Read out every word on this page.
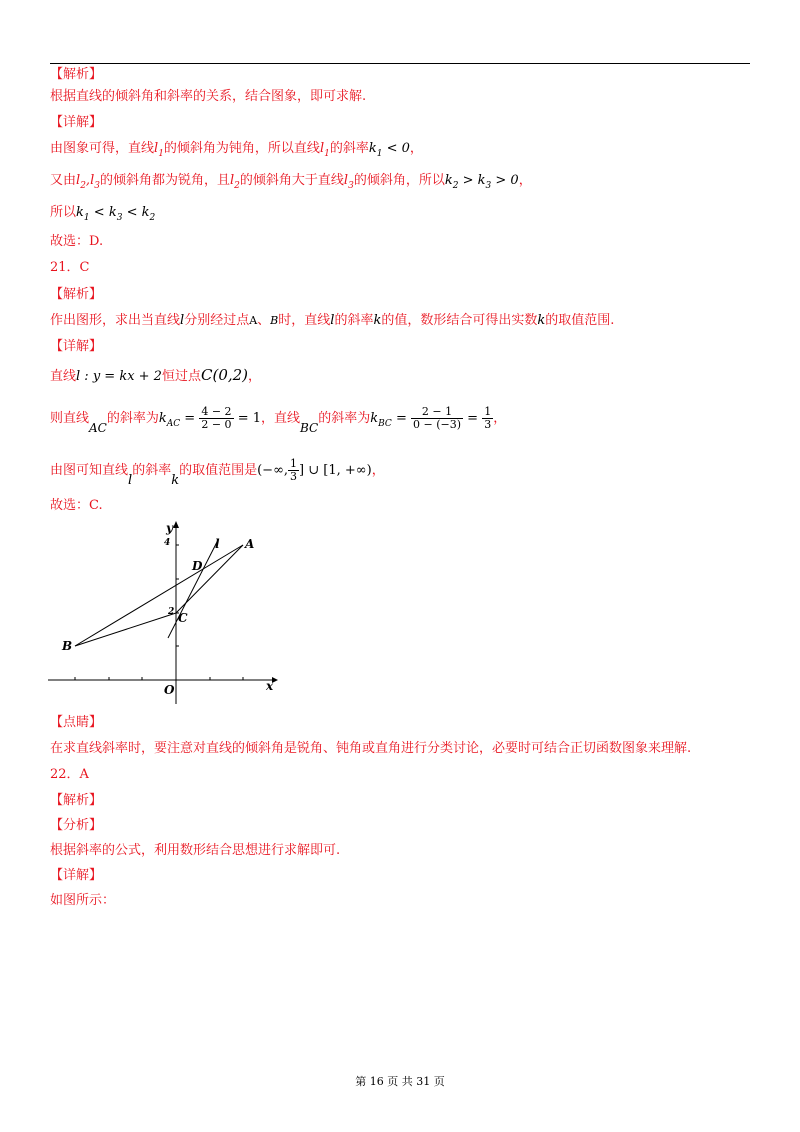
【解析】
根据直线的倾斜角和斜率的关系，结合图象，即可求解.
【详解】
由图象可得，直线$l_1$的倾斜角为钝角，所以直线$l_1$的斜率$k_1 < 0$，
又由$l_2,l_3$的倾斜角都为锐角，且$l_2$的倾斜角大于直线$l_3$的倾斜角，所以$k_2 > k_3 > 0$，
所以$k_1 < k_3 < k_2$
故选：D.
21．C
【解析】
作出图形，求出当直线l分别经过点A、B时，直线l的斜率k的值，数形结合可得出实数k的取值范围.
【详解】
直线l : y = kx + 2恒过点C(0,2)，
则直线AC的斜率为$k_{AC} = \frac{4 - 2}{2 - 0} = 1$，直线BC的斜率为$k_{BC} = \frac{2 - 1}{0 - (-3)} = \frac{1}{3}$ ，
由图可知直线l的斜率k的取值范围是(−∞, $\frac{1}{3}$ ] ∪ [1, +∞)，
故选：C.
y
x
4
2
O
A
B
C
D
l
【点睛】
在求直线斜率时，要注意对直线的倾斜角是锐角、钝角或直角进行分类讨论，必要时可结合正切函数图象来理解.
22．A
【解析】
【分析】
根据斜率的公式，利用数形结合思想进行求解即可.
【详解】
如图所示：
第 16 页 共 31 页
